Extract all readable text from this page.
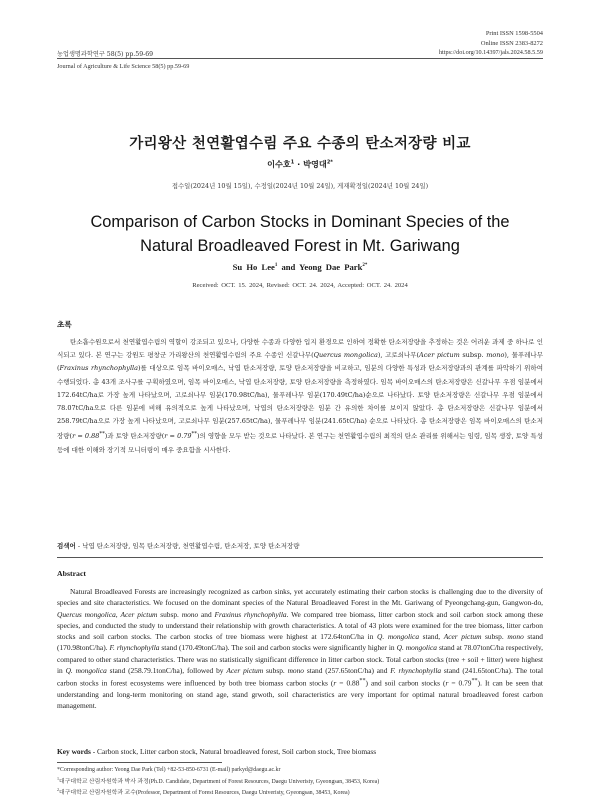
Print ISSN 1598-5504
Online ISSN 2383-8272
농업생명과학연구 58(5) pp.59-69	https://doi.org/10.14397/jals.2024.58.5.59
Journal of Agriculture & Life Science 58(5) pp.59-69
가리왕산 천연활엽수림 주요 수종의 탄소저장량 비교
이수호$^1$ · 박영대$^{2*}$
접수일(2024년 10월 15일), 수정일(2024년 10월 24일), 게재확정일(2024년 10월 24일)
Comparison of Carbon Stocks in Dominant Species of the
Natural Broadleaved Forest in Mt. Gariwang
Su Ho Lee$^1$ and Yeong Dae Park$^{2*}$
Received: OCT. 15. 2024, Revised: OCT. 24. 2024, Accepted: OCT. 24. 2024
초록

탄소흡수원으로서 천연활엽수림의 역할이 강조되고 있으나, 다양한 수종과 다양한 입지 환경으로 인하여 정확한 탄소저장량을 추정하는 것은 어려운 과제 중 하나로 인식되고 있다. 본 연구는 강원도 평창군 가리왕산의 천연활엽수림의 주요 수종인 신갈나무(Quercus mongolica), 고로쇠나무(Acer pictum subsp. mono), 물푸레나무(Fraxinus rhynchophylla)를 대상으로 임목 바이오매스, 낙엽 탄소저장량, 토양 탄소저장량을 비교하고, 임분의 다양한 특성과 탄소저장량과의 관계를 파악하기 위하여 수행되었다. 총 43개 조사구를 구획하였으며, 임목 바이오매스, 낙엽 탄소저장량, 토양 탄소저장량을 측정하였다. 임목 바이오매스의 탄소저장량은 신갈나무 우점 임분에서 172.64tC/ha로 가장 높게 나타났으며, 고로쇠나무 임분(170.98tC/ha), 물푸레나무 임분(170.49tC/ha)순으로 나타났다. 토양 탄소저장량은 신갈나무 우점 임분에서 78.07tC/ha으로 다른 임분에 비해 유의적으로 높게 나타났으며, 낙엽의 탄소저장량은 임분 간 유의한 차이를 보이지 않았다. 총 탄소저장량은 신갈나무 임분에서 258.79tC/ha으로 가장 높게 나타났으며, 고로쇠나무 임분(257.65tC/ha), 물푸레나무 임분(241.65tC/ha) 순으로 나타났다. 총 탄소저장량은 임목 바이오매스의 탄소저장량(r = 0.88**)과 토양 탄소저장량(r = 0.79**)의 영향을 모두 받는 것으로 나타났다. 본 연구는 천연활엽수림의 최적의 탄소 관리를 위해서는 임령, 임목 생장, 토양 특성 등에 대한 이해와 장기적 모니터링이 매우 중요함을 시사한다.

검색어 - 낙엽 탄소저장량, 임목 탄소저장량, 천연활엽수림, 탄소저장, 토양 탄소저장량
Abstract

Natural Broadleaved Forests are increasingly recognized as carbon sinks, yet accurately estimating their carbon stocks is challenging due to the diversity of species and site characteristics. We focused on the dominant species of the Natural Broadleaved Forest in the Mt. Gariwang of Pyeongchang-gun, Gangwon-do, Quercus mongolica, Acer pictum subsp. mono and Fraxinus rhynchophylla. We compared tree biomass, litter carbon stock and soil carbon stock among these species, and conducted the study to understand their relationship with growth characteristics. A total of 43 plots were examined for the tree biomass, litter carbon stocks and soil carbon stocks. The carbon stocks of tree biomass were highest at 172.64tonC/ha in Q. mongolica stand, Acer pictum subsp. mono stand (170.98tonC/ha). F. rhynchophylla stand (170.49tonC/ha). The soil and carbon stocks were significantly higher in Q. mongolica stand at 78.07tonC/ha respectively, compared to other stand characteristics. There was no statistically significant difference in litter carbon stock. Total carbon stocks (tree + soil + litter) were highest in Q. mongolica stand (258.79.1tonC/ha), followed by Acer pictum subsp. mono stand (257.65tonC/ha) and F. rhynchophylla stand (241.65tonC/ha). The total carbon stocks in forest ecosystems were influenced by both tree biomass carbon stocks (r = 0.88**) and soil carbon stocks (r = 0.79**). It can be seen that understanding and long-term monitoring on stand age, stand grwoth, soil characteristics are very important for optimal natural broadleaved forest carbon management.

Key words - Carbon stock, Litter carbon stock, Natural broadleaved forest, Soil carbon stock, Tree biomass
*Corresponding author: Yeong Dae Park (Tel) +82-53-850-6731 (E-mail) parkyd@daegu.ac.kr
$^1$대구대학교 산림자원학과 박사 과정(Ph.D. Candidate, Department of Forest Resources, Daegu Univeristy, Gyeongsan, 38453, Korea)
$^2$대구대학교 산림자원학과 교수(Professor, Department of Forest Resources, Daegu Univeristy, Gyeongsan, 38453, Korea)
